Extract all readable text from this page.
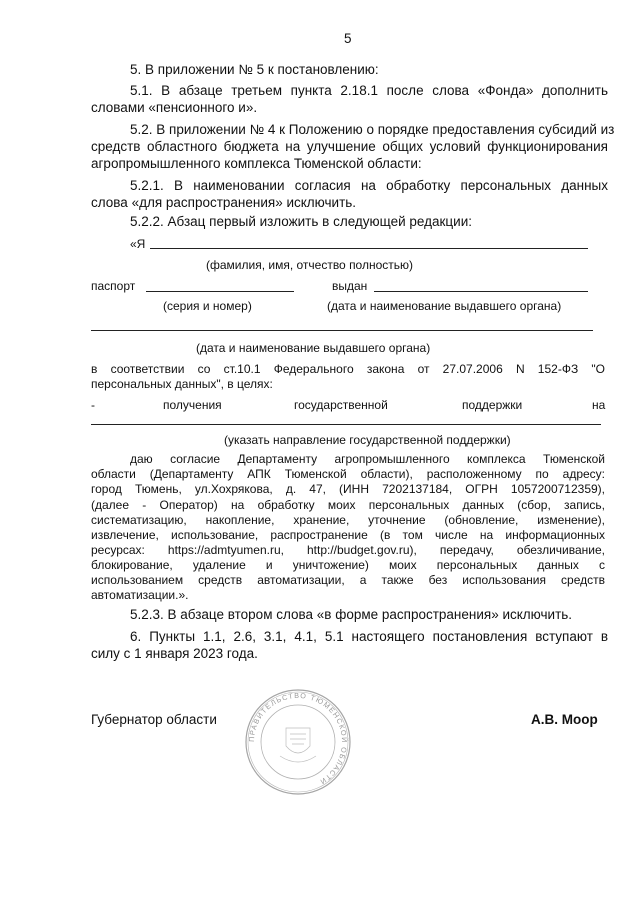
5
5. В приложении № 5 к постановлению:
5.1. В абзаце третьем пункта 2.18.1 после слова «Фонда» дополнить
словами «пенсионного и».
5.2. В приложении № 4 к Положению о порядке предоставления субсидий из
средств областного бюджета на улучшение общих условий функционирования
агропромышленного комплекса Тюменской области:
5.2.1. В наименовании согласия на обработку персональных данных
слова «для распространения» исключить.
5.2.2. Абзац первый изложить в следующей редакции:
«Я
(фамилия, имя, отчество полностью)
паспорт	выдан
(серия и номер)	(дата и наименование выдавшего органа)
(дата и наименование выдавшего органа)
в соответствии со ст.10.1 Федерального закона от 27.07.2006 N 152-ФЗ "О
персональных данных", в целях:
-	получения	государственной	поддержки	на
(указать направление государственной поддержки)
даю согласие Департаменту агропромышленного комплекса Тюменской
области (Департаменту АПК Тюменской области), расположенному по адресу:
город Тюмень, ул.Хохрякова, д. 47, (ИНН 7202137184, ОГРН 1057200712359),
(далее - Оператор) на обработку моих персональных данных (сбор, запись,
систематизацию, накопление, хранение, уточнение (обновление, изменение),
извлечение, использование, распространение (в том числе на информационных
ресурсах: https://admtyumen.ru, http://budget.gov.ru), передачу, обезличивание,
блокирование, удаление и уничтожение) моих персональных данных с
использованием средств автоматизации, а также без использования средств
автоматизации.».
5.2.3. В абзаце втором слова «в форме распространения» исключить.
6. Пункты 1.1, 2.6, 3.1, 4.1, 5.1 настоящего постановления вступают в
силу с 1 января 2023 года.
Губернатор области
ПРАВИТЕЛЬСТВО ТЮМЕНСКОЙ ОБЛАСТИ
А.В. Моор
